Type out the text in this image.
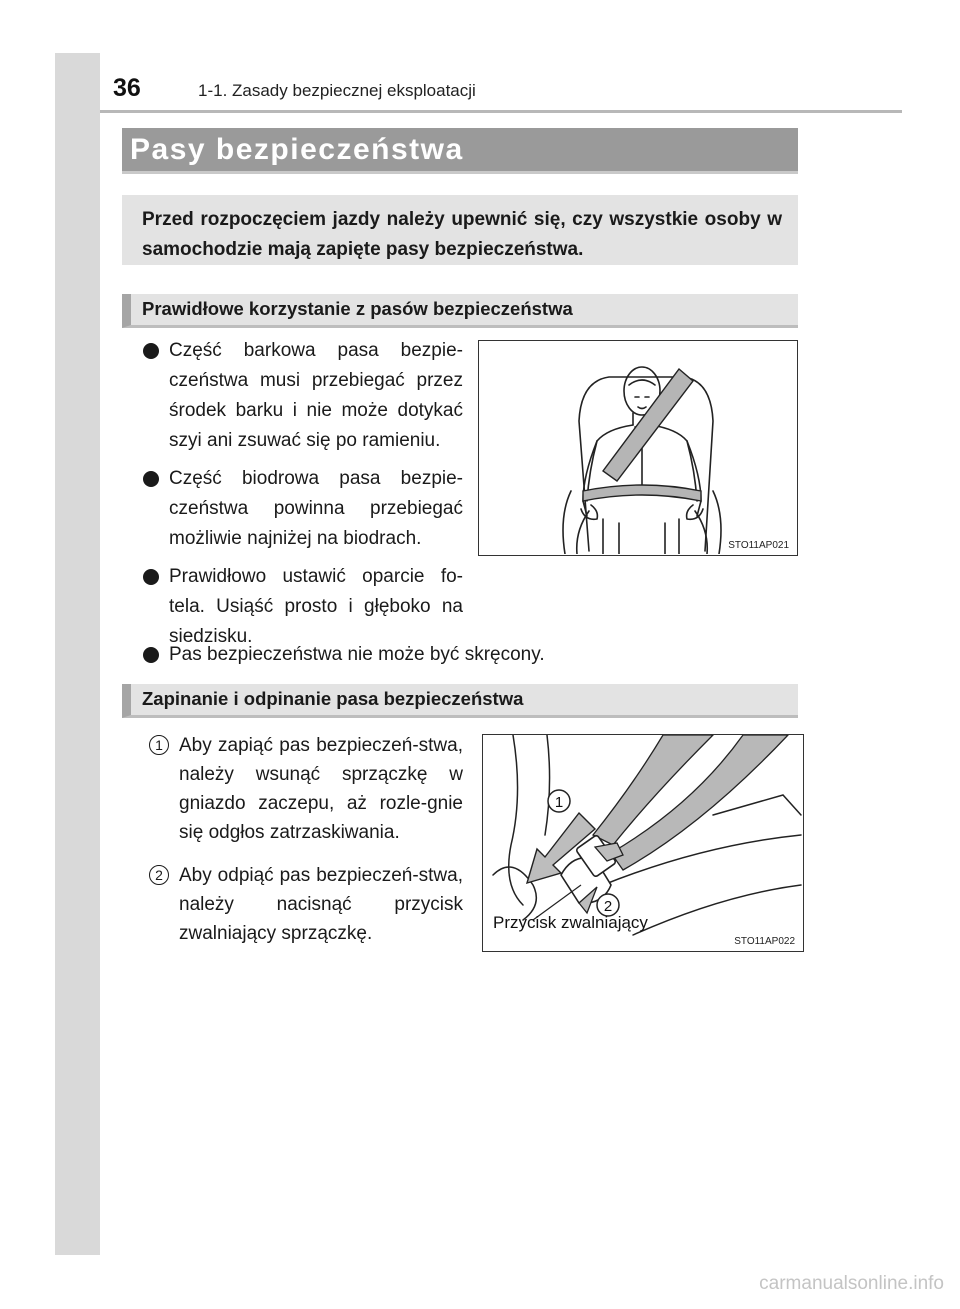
36	1-1. Zasady bezpiecznej eksploatacji
Pasy bezpieczeństwa
Przed rozpoczęciem jazdy należy upewnić się, czy wszystkie osoby w samochodzie mają zapięte pasy bezpieczeństwa.
Prawidłowe korzystanie z pasów bezpieczeństwa
Część barkowa pasa bezpie-czeństwa musi przebiegać przez środek barku i nie może dotykać szyi ani zsuwać się po ramieniu.
Część biodrowa pasa bezpie-czeństwa powinna przebiegać możliwie najniżej na biodrach.
Prawidłowo ustawić oparcie fo-tela. Usiąść prosto i głęboko na siedzisku.
Pas bezpieczeństwa nie może być skręcony.
STO11AP021
Zapinanie i odpinanie pasa bezpieczeństwa
1 Aby zapiąć pas bezpieczeń-stwa, należy wsunąć sprzączkę w gniazdo zaczepu, aż rozle-gnie się odgłos zatrzaskiwania.
2 Aby odpiąć pas bezpieczeń-stwa, należy nacisnąć przycisk zwalniający sprzączkę.
1
2
Przycisk zwalniający
STO11AP022
carmanualsonline.info
